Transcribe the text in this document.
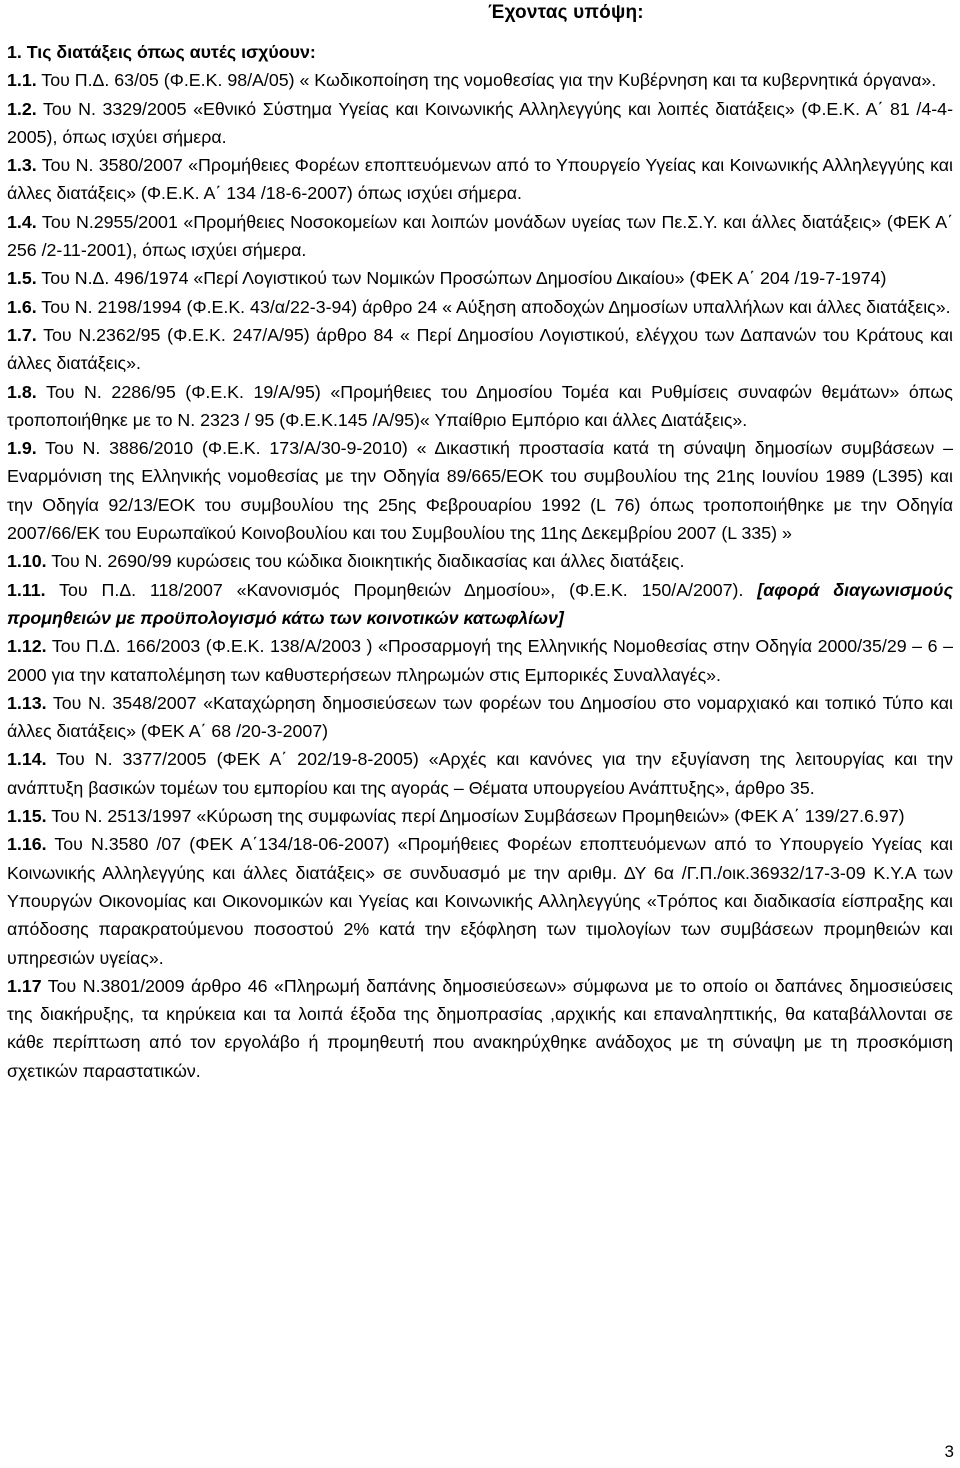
Έχοντας υπόψη:

1. Τις διατάξεις όπως αυτές ισχύουν:

1.1. Του Π.Δ. 63/05 (Φ.Ε.Κ. 98/Α/05) « Κωδικοποίηση της νομοθεσίας για την Κυβέρνηση και τα κυβερνητικά όργανα».

1.2. Του Ν. 3329/2005 «Εθνικό Σύστημα Υγείας και Κοινωνικής Αλληλεγγύης και λοιπές διατάξεις» (Φ.Ε.Κ. Α΄ 81 /4-4-2005), όπως ισχύει σήμερα.

1.3. Του Ν. 3580/2007 «Προμήθειες Φορέων εποπτευόμενων από το Υπουργείο Υγείας και Κοινωνικής Αλληλεγγύης και άλλες διατάξεις» (Φ.Ε.Κ. Α΄ 134 /18-6-2007) όπως ισχύει σήμερα.

1.4. Του Ν.2955/2001 «Προμήθειες Νοσοκομείων και λοιπών μονάδων υγείας των Πε.Σ.Υ. και άλλες διατάξεις» (ΦΕΚ Α΄ 256 /2-11-2001), όπως ισχύει σήμερα.

1.5. Του Ν.Δ. 496/1974 «Περί Λογιστικού των Νομικών Προσώπων Δημοσίου Δικαίου» (ΦΕΚ Α΄ 204 /19-7-1974)

1.6. Του Ν. 2198/1994 (Φ.Ε.Κ. 43/α/22-3-94) άρθρο 24 « Αύξηση αποδοχών Δημοσίων υπαλλήλων και άλλες διατάξεις».

1.7. Του Ν.2362/95 (Φ.Ε.Κ. 247/Α/95) άρθρο 84 « Περί Δημοσίου Λογιστικού, ελέγχου των Δαπανών του Κράτους και άλλες διατάξεις».

1.8. Του Ν. 2286/95 (Φ.Ε.Κ. 19/Α/95) «Προμήθειες του Δημοσίου Τομέα και Ρυθμίσεις συναφών θεμάτων» όπως τροποποιήθηκε με το Ν. 2323 / 95 (Φ.Ε.Κ.145 /Α/95)« Υπαίθριο Εμπόριο και άλλες Διατάξεις».

1.9. Του Ν. 3886/2010 (Φ.Ε.Κ. 173/Α/30-9-2010) « Δικαστική προστασία κατά τη σύναψη δημοσίων συμβάσεων –Εναρμόνιση της Ελληνικής νομοθεσίας με την Οδηγία 89/665/ΕΟΚ του συμβουλίου της 21ης Ιουνίου 1989 (L395) και την Οδηγία 92/13/ΕΟΚ του συμβουλίου της 25ης Φεβρουαρίου 1992 (L 76) όπως τροποποιήθηκε με την Οδηγία 2007/66/ΕΚ του Ευρωπαϊκού Κοινοβουλίου και του Συμβουλίου της 11ης Δεκεμβρίου 2007 (L 335) »

1.10. Του Ν. 2690/99 κυρώσεις του κώδικα διοικητικής διαδικασίας και άλλες διατάξεις.

1.11. Του Π.Δ. 118/2007 «Κανονισμός Προμηθειών Δημοσίου», (Φ.Ε.Κ. 150/Α/2007). [αφορά διαγωνισμούς προμηθειών με προϋπολογισμό κάτω των κοινοτικών κατωφλίων]

1.12. Του Π.Δ. 166/2003 (Φ.Ε.Κ. 138/Α/2003 ) «Προσαρμογή της Ελληνικής Νομοθεσίας στην Οδηγία 2000/35/29 – 6 – 2000 για την καταπολέμηση των καθυστερήσεων πληρωμών στις Εμπορικές Συναλλαγές».

1.13. Του Ν. 3548/2007 «Καταχώρηση δημοσιεύσεων των φορέων του Δημοσίου στο νομαρχιακό και τοπικό Τύπο και άλλες διατάξεις» (ΦΕΚ Α΄ 68 /20-3-2007)

1.14. Του Ν. 3377/2005 (ΦΕΚ Α΄ 202/19-8-2005) «Αρχές και κανόνες για την εξυγίανση της λειτουργίας και την ανάπτυξη βασικών τομέων του εμπορίου και της αγοράς – Θέματα υπουργείου Ανάπτυξης», άρθρο 35.

1.15. Του Ν. 2513/1997 «Κύρωση της συμφωνίας περί Δημοσίων Συμβάσεων Προμηθειών» (ΦΕΚ Α΄ 139/27.6.97)

1.16. Του Ν.3580 /07 (ΦΕΚ Α΄134/18-06-2007) «Προμήθειες Φορέων εποπτευόμενων από το Υπουργείο Υγείας και Κοινωνικής Αλληλεγγύης και άλλες διατάξεις» σε συνδυασμό με την αριθμ. ΔΥ 6α /Γ.Π./οικ.36932/17-3-09 Κ.Υ.Α των Υπουργών Οικονομίας και Οικονομικών και Υγείας και Κοινωνικής Αλληλεγγύης «Τρόπος και διαδικασία είσπραξης και απόδοσης παρακρατούμενου ποσοστού 2% κατά την εξόφληση των τιμολογίων των συμβάσεων προμηθειών και υπηρεσιών υγείας».

1.17 Του Ν.3801/2009 άρθρο 46 «Πληρωμή δαπάνης δημοσιεύσεων» σύμφωνα με το οποίο οι δαπάνες δημοσιεύσεις της διακήρυξης, τα κηρύκεια και τα λοιπά έξοδα της δημοπρασίας ,αρχικής και επαναληπτικής, θα καταβάλλονται σε κάθε περίπτωση από τον εργολάβο ή προμηθευτή που ανακηρύχθηκε ανάδοχος με τη σύναψη με τη προσκόμιση σχετικών παραστατικών.

3
